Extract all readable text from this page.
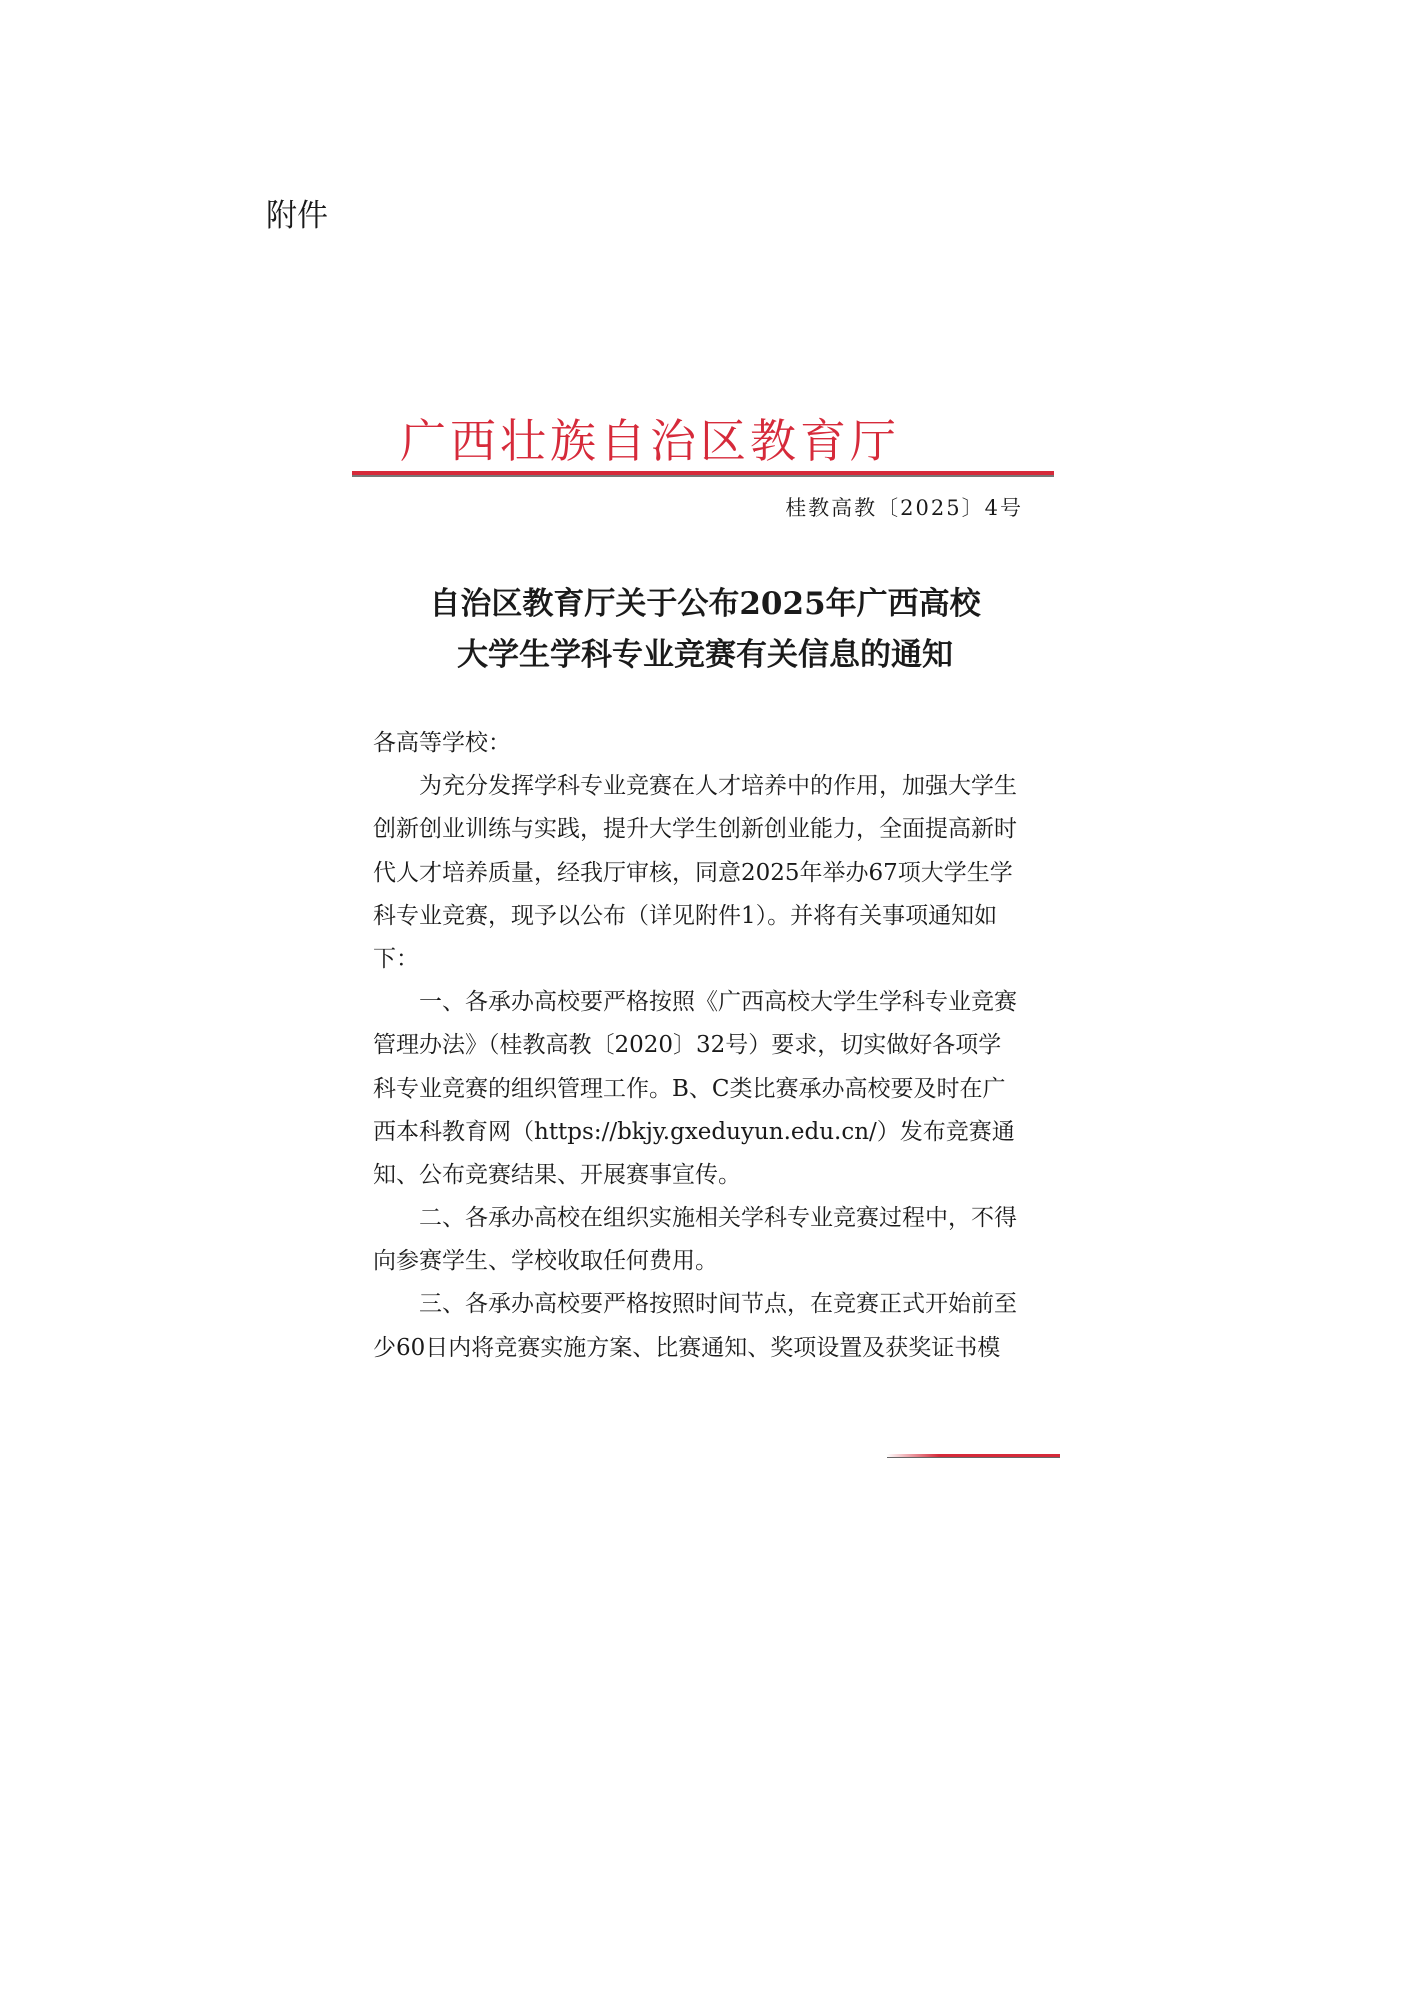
附件
广西壮族自治区教育厅
桂教高教〔2025〕4号
自治区教育厅关于公布2025年广西高校
大学生学科专业竞赛有关信息的通知
各高等学校：
　　为充分发挥学科专业竞赛在人才培养中的作用，加强大学生
创新创业训练与实践，提升大学生创新创业能力，全面提高新时
代人才培养质量，经我厅审核，同意2025年举办67项大学生学
科专业竞赛，现予以公布（详见附件1）。并将有关事项通知如
下：
　　一、各承办高校要严格按照《广西高校大学生学科专业竞赛
管理办法》（桂教高教〔2020〕32号）要求，切实做好各项学
科专业竞赛的组织管理工作。B、C类比赛承办高校要及时在广
西本科教育网（https://bkjy.gxeduyun.edu.cn/）发布竞赛通
知、公布竞赛结果、开展赛事宣传。
　　二、各承办高校在组织实施相关学科专业竞赛过程中，不得
向参赛学生、学校收取任何费用。
　　三、各承办高校要严格按照时间节点，在竞赛正式开始前至
少60日内将竞赛实施方案、比赛通知、奖项设置及获奖证书模
